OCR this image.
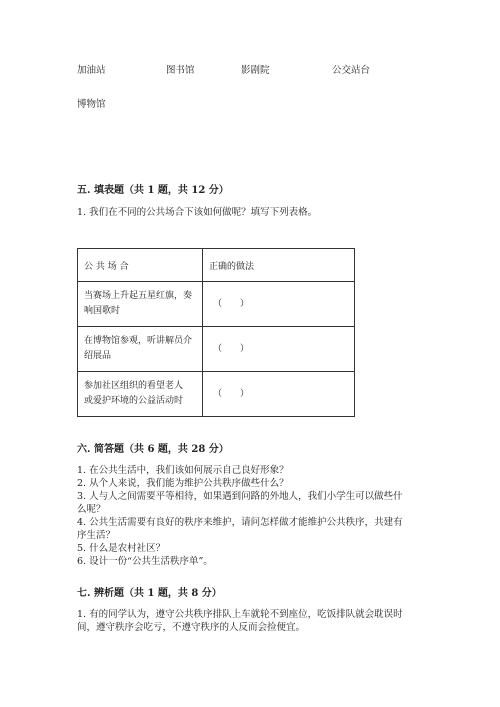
加油站	图书馆	影剧院	公交站台
博物馆
五. 填表题（共 1 题，共 12 分）
1. 我们在不同的公共场合下该如何做呢？填写下列表格。
公 共 场 合	正确的做法
当赛场上升起五星红旗，奏
响国歌时	（　　）
在博物馆参观，听讲解员介
绍展品	（　　）
参加社区组织的看望老人
或爱护环境的公益活动时	（　　）
六. 简答题（共 6 题，共 28 分）
1. 在公共生活中，我们该如何展示自己良好形象？
2. 从个人来说，我们能为维护公共秩序做些什么？
3. 人与人之间需要平等相待，如果遇到问路的外地人，我们小学生可以做些什
么呢？
4. 公共生活需要有良好的秩序来维护，请问怎样做才能维护公共秩序，共建有
序生活？
5. 什么是农村社区？
6. 设计一份“公共生活秩序单”。
七. 辨析题（共 1 题，共 8 分）
1. 有的同学认为，遵守公共秩序排队上车就轮不到座位，吃饭排队就会耽误时
间，遵守秩序会吃亏，不遵守秩序的人反而会捡便宜。
